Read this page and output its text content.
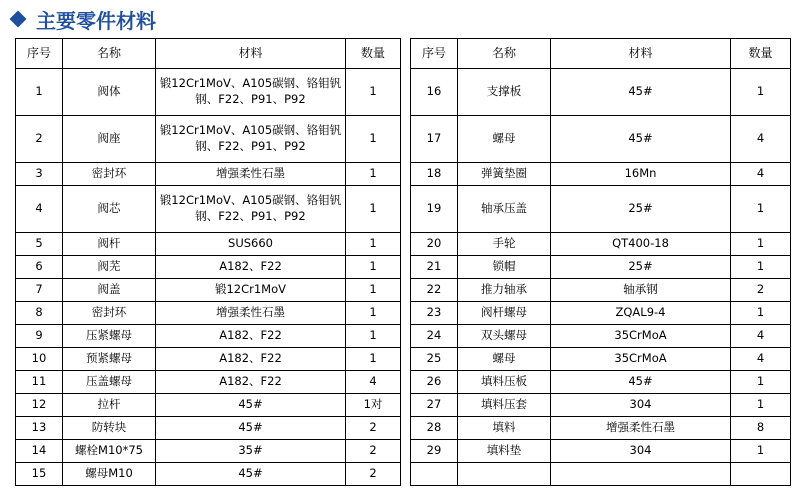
主要零件材料
序号	名称	材料	数量
1	阀体	锻12Cr1MoV、A105碳钢、铬钼钒钢、F22、P91、P92	1
2	阀座	锻12Cr1MoV、A105碳钢、铬钼钒钢、F22、P91、P92	1
3	密封环	增强柔性石墨	1
4	阀芯	锻12Cr1MoV、A105碳钢、铬钼钒钢、F22、P91、P92	1
5	阀杆	SUS660	1
6	阀芜	A182、F22	1
7	阀盖	锻12Cr1MoV	1
8	密封环	增强柔性石墨	1
9	压紧螺母	A182、F22	1
10	预紧螺母	A182、F22	1
11	压盖螺母	A182、F22	4
12	拉杆	45#	1对
13	防转块	45#	2
14	螺栓M10*75	35#	2
15	螺母M10	45#	2
序号	名称	材料	数量
16	支撑板	45#	1
17	螺母	45#	4
18	弹簧垫圈	16Mn	4
19	轴承压盖	25#	1
20	手轮	QT400-18	1
21	锁帽	25#	1
22	推力轴承	轴承钢	2
23	阀杆螺母	ZQAL9-4	1
24	双头螺母	35CrMoA	4
25	螺母	35CrMoA	4
26	填料压板	45#	1
27	填料压套	304	1
28	填料	增强柔性石墨	8
29	填料垫	304	1
